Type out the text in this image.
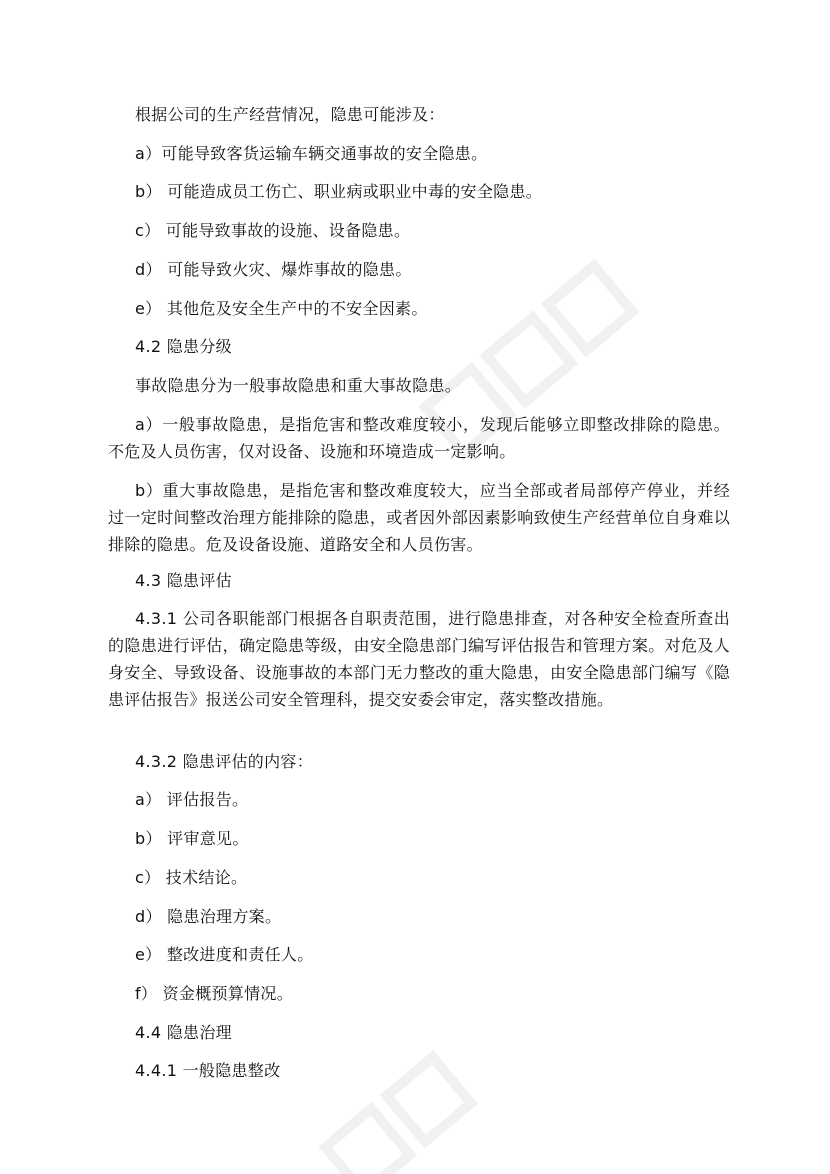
根据公司的生产经营情况，隐患可能涉及：

a）可能导致客货运输车辆交通事故的安全隐患。

b） 可能造成员工伤亡、职业病或职业中毒的安全隐患。

c） 可能导致事故的设施、设备隐患。

d） 可能导致火灾、爆炸事故的隐患。

e） 其他危及安全生产中的不安全因素。

4.2 隐患分级

事故隐患分为一般事故隐患和重大事故隐患。

a）一般事故隐患，是指危害和整改难度较小，发现后能够立即整改排除的隐患。不危及人员伤害，仅对设备、设施和环境造成一定影响。

b）重大事故隐患，是指危害和整改难度较大，应当全部或者局部停产停业，并经过一定时间整改治理方能排除的隐患，或者因外部因素影响致使生产经营单位自身难以排除的隐患。危及设备设施、道路安全和人员伤害。

4.3 隐患评估

4.3.1 公司各职能部门根据各自职责范围，进行隐患排查，对各种安全检查所查出的隐患进行评估，确定隐患等级，由安全隐患部门编写评估报告和管理方案。对危及人身安全、导致设备、设施事故的本部门无力整改的重大隐患，由安全隐患部门编写《隐患评估报告》报送公司安全管理科，提交安委会审定，落实整改措施。

4.3.2 隐患评估的内容：

a） 评估报告。

b） 评审意见。

c） 技术结论。

d） 隐患治理方案。

e） 整改进度和责任人。

f） 资金概预算情况。

4.4 隐患治理

4.4.1 一般隐患整改
